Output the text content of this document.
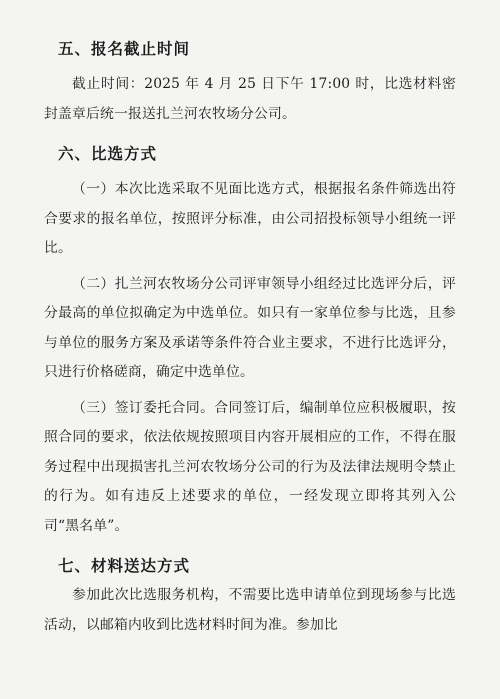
五、报名截止时间

截止时间：2025 年 4 月 25 日下午 17:00 时，比选材料密封盖章后统一报送扎兰河农牧场分公司。

六、比选方式

（一）本次比选采取不见面比选方式，根据报名条件筛选出符合要求的报名单位，按照评分标准，由公司招投标领导小组统一评比。

（二）扎兰河农牧场分公司评审领导小组经过比选评分后，评分最高的单位拟确定为中选单位。如只有一家单位参与比选，且参与单位的服务方案及承诺等条件符合业主要求，不进行比选评分，只进行价格磋商，确定中选单位。

（三）签订委托合同。合同签订后，编制单位应积极履职，按照合同的要求，依法依规按照项目内容开展相应的工作，不得在服务过程中出现损害扎兰河农牧场分公司的行为及法律法规明令禁止的行为。如有违反上述要求的单位，一经发现立即将其列入公司“黑名单”。

七、材料送达方式

参加此次比选服务机构，不需要比选申请单位到现场参与比选活动，以邮箱内收到比选材料时间为准。参加比
